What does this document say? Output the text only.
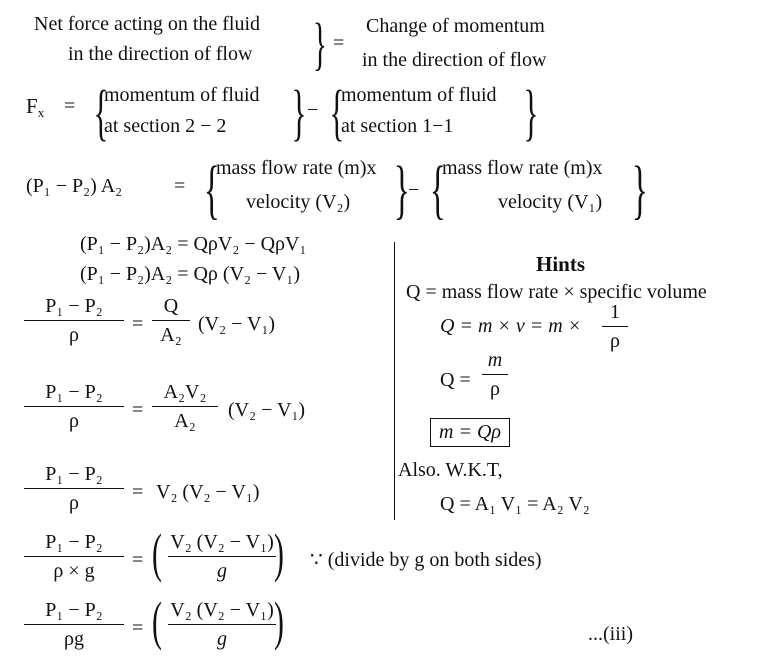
Net force acting on the fluid
in the direction of flow } =
Change of momentum
in the direction of flow
$F_x$ = {
momentum of fluid
at section 2 − 2 } − {
momentum of fluid
at section 1−1 }
(P₁ − P₂) A₂	= {
mass flow rate (m)x
velocity (V₂) }
− {
mass flow rate (m)x
velocity (V₁) }
(P₁ − P₂)A₂ = QρV₂ − QρV₁
(P₁ − P₂)A₂ = Qρ (V₂ − V₁)
P₁ − P₂
ρ	=
Q
A₂ (V₂ − V₁)
P₁ − P₂
ρ	=
A₂V₂
A₂	(V₂ − V₁)
P₁ − P₂
ρ	= V₂ (V₂ − V₁)
P₁ − P₂
ρ × g	= ( V₂ (V₂ − V₁)
g ) ∵ (divide by g on both sides)
P₁ − P₂
ρg	= ( V₂ (V₂ − V₁)
g )	...(iii)
Hints
Q = mass flow rate × specific volume
Q = m × v = m ×
1
ρ
Q =
m
ρ
m = Qρ
Also. W.K.T,
Q = A₁ V₁ = A₂ V₂
